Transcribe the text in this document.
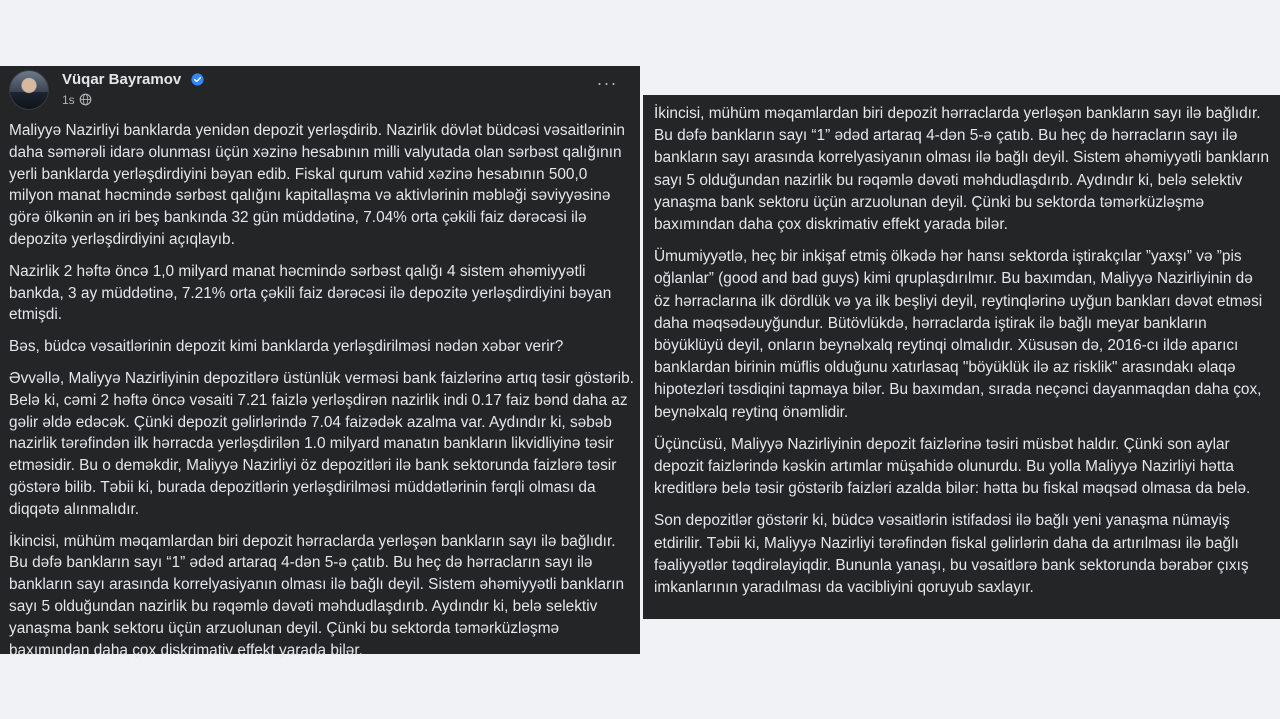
Vüqar Bayramov
1s
···

Maliyyə Nazirliyi banklarda yenidən depozit yerləşdirib. Nazirlik dövlət büdcəsi vəsaitlərinin daha səmərəli idarə olunması üçün xəzinə hesabının milli valyutada olan sərbəst qalığının yerli banklarda yerləşdirdiyini bəyan edib. Fiskal qurum vahid xəzinə hesabının 500,0 milyon manat həcmində sərbəst qalığını kapitallaşma və aktivlərinin məbləği səviyyəsinə görə ölkənin ən iri beş bankında 32 gün müddətinə, 7.04% orta çəkili faiz dərəcəsi ilə depozitə yerləşdirdiyini açıqlayıb.

Nazirlik 2 həftə öncə 1,0 milyard manat həcmində sərbəst qalığı 4 sistem əhəmiyyətli bankda, 3 ay müddətinə, 7.21% orta çəkili faiz dərəcəsi ilə depozitə yerləşdirdiyini bəyan etmişdi.

Bəs, büdcə vəsaitlərinin depozit kimi banklarda yerləşdirilməsi nədən xəbər verir?

Əvvəllə, Maliyyə Nazirliyinin depozitlərə üstünlük verməsi bank faizlərinə artıq təsir göstərib. Belə ki, cəmi 2 həftə öncə vəsaiti 7.21 faizlə yerləşdirən nazirlik indi 0.17 faiz bənd daha az gəlir əldə edəcək. Çünki depozit gəlirlərində 7.04 faizədək azalma var. Aydındır ki, səbəb nazirlik tərəfindən ilk hərracda yerləşdirilən 1.0 milyard manatın bankların likvidliyinə təsir etməsidir. Bu o deməkdir, Maliyyə Nazirliyi öz depozitləri ilə bank sektorunda faizlərə təsir göstərə bilib. Təbii ki, burada depozitlərin yerləşdirilməsi müddətlərinin fərqli olması da diqqətə alınmalıdır.

İkincisi, mühüm məqamlardan biri depozit hərraclarda yerləşən bankların sayı ilə bağlıdır. Bu dəfə bankların sayı “1” ədəd artaraq 4-dən 5-ə çatıb. Bu heç də hərracların sayı ilə bankların sayı arasında korrelyasiyanın olması ilə bağlı deyil. Sistem əhəmiyyətli bankların sayı 5 olduğundan nazirlik bu rəqəmlə dəvəti məhdudlaşdırıb. Aydındır ki, belə selektiv yanaşma bank sektoru üçün arzuolunan deyil. Çünki bu sektorda təmərküzləşmə baxımından daha çox diskrimativ effekt yarada bilər.

İkincisi, mühüm məqamlardan biri depozit hərraclarda yerləşən bankların sayı ilə bağlıdır. Bu dəfə bankların sayı “1” ədəd artaraq 4-dən 5-ə çatıb. Bu heç də hərracların sayı ilə bankların sayı arasında korrelyasiyanın olması ilə bağlı deyil. Sistem əhəmiyyətli bankların sayı 5 olduğundan nazirlik bu rəqəmlə dəvəti məhdudlaşdırıb. Aydındır ki, belə selektiv yanaşma bank sektoru üçün arzuolunan deyil. Çünki bu sektorda təmərküzləşmə baxımından daha çox diskrimativ effekt yarada bilər.

Ümumiyyətlə, heç bir inkişaf etmiş ölkədə hər hansı sektorda iştirakçılar ”yaxşı” və ”pis oğlanlar” (good and bad guys) kimi qruplaşdırılmır. Bu baxımdan, Maliyyə Nazirliyinin də öz hərraclarına ilk dördlük və ya ilk beşliyi deyil, reytinqlərinə uyğun bankları dəvət etməsi daha məqsədəuyğundur. Bütövlükdə, hərraclarda iştirak ilə bağlı meyar bankların böyüklüyü deyil, onların beynəlxalq reytinqi olmalıdır. Xüsusən də, 2016-cı ildə aparıcı banklardan birinin müflis olduğunu xatırlasaq "böyüklük ilə az risklik" arasındakı əlaqə hipotezləri təsdiqini tapmaya bilər. Bu baxımdan, sırada neçənci dayanmaqdan daha çox, beynəlxalq reytinq önəmlidir.

Üçüncüsü, Maliyyə Nazirliyinin depozit faizlərinə təsiri müsbət haldır. Çünki son aylar depozit faizlərində kəskin artımlar müşahidə olunurdu. Bu yolla Maliyyə Nazirliyi hətta kreditlərə belə təsir göstərib faizləri azalda bilər: hətta bu fiskal məqsəd olmasa da belə.

Son depozitlər göstərir ki, büdcə vəsaitlərin istifadəsi ilə bağlı yeni yanaşma nümayiş etdirilir. Təbii ki, Maliyyə Nazirliyi tərəfindən fiskal gəlirlərin daha da artırılması ilə bağlı fəaliyyətlər təqdirəlayiqdir. Bununla yanaşı, bu vəsaitlərə bank sektorunda bərabər çıxış imkanlarının yaradılması da vacibliyini qoruyub saxlayır.
